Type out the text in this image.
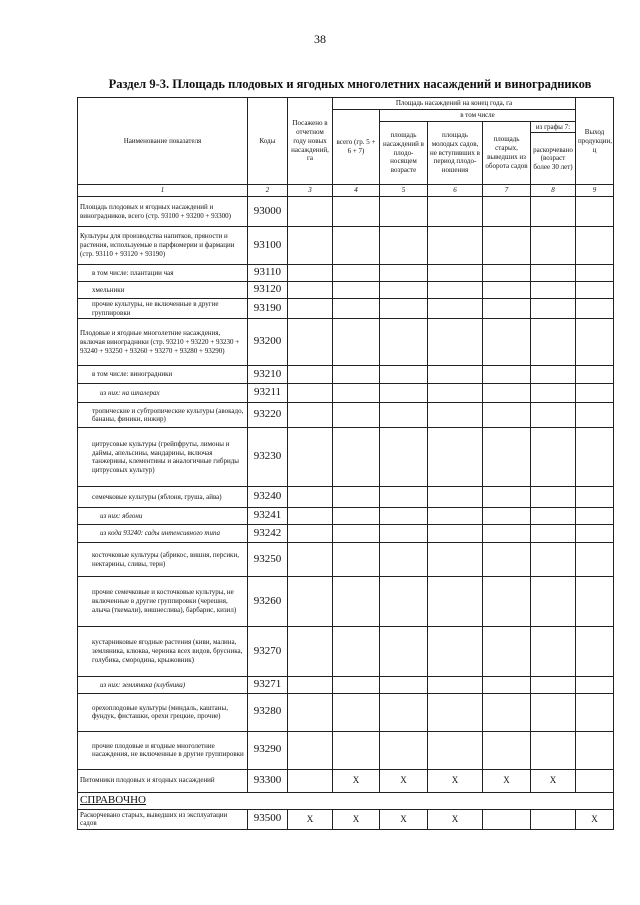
38
Раздел 9-3. Площадь плодовых и ягодных многолетних насаждений и виноградников
Наименование показателя	Коды	Посажено в отчетном году новых насаждений, га	Площадь насаждений на конец года, га					Выход продукции, ц
			всего (гр. 5 + 6 + 7)	в том числе				
				площадь насаждений в плодо-носящем возрасте	площадь молодых садов, не вступивших в период плодо-ношения	площадь старых, выведших из оборота садов	из графы 7:	
							раскорчевано (возраст более 30 лет)	
1	2	3	4	5	6	7	8	9
Площадь плодовых и ягодных насаждений и виноградников, всего (стр. 93100 + 93200 + 93300)	93000							
Культуры для производства напитков, пряности и растения, используемые в парфюмерии и фармации (стр. 93110 + 93120 + 93190)	93100							
в том числе: плантации чая	93110							
хмельники	93120							
прочие культуры, не включенные в другие группировки	93190							
Плодовые и ягодные многолетние насаждения, включая виноградники (стр. 93210 + 93220 + 93230 + 93240 + 93250 + 93260 + 93270 + 93280 + 93290)	93200							
в том числе: виноградники	93210							
из них: на шпалерах	93211							
тропические и субтропические культуры (авокадо, бананы, финики, инжир)	93220							
цитрусовые культуры (грейпфруты, лимоны и даймы, апельсины, мандарины, включая танжерины, клементины и аналогичные гибриды цитрусовых культур)	93230							
семечковые культуры (яблоня, груша, айва)	93240							
из них: яблони	93241							
из кода 93240: сады интенсивного типа	93242							
косточковые культуры (абрикос, вишня, персики, нектарины, сливы, терн)	93250							
прочие семечковые и косточковые культуры, не включенные в другие группировки (черешня, алыча (ткемали), вишнеслива), барбарис, кизил)	93260							
кустарниковые ягодные растения (киви, малина, земляника, клюква, черника всех видов, брусника, голубика, смородина, крыжовник)	93270							
из них: земляника (клубника)	93271							
орехоплодовые культуры (миндаль, каштаны, фундук, фисташки, орехи грецкие, прочие)	93280							
прочие плодовые и ягодные многолетние насаждения, не включенные в другие группировки	93290							
Питомники плодовых и ягодных насаждений	93300		X	X	X	X	X	
СПРАВОЧНО								
Раскорчевано старых, выведших из эксплуатации садов	93500	X	X	X	X			X
